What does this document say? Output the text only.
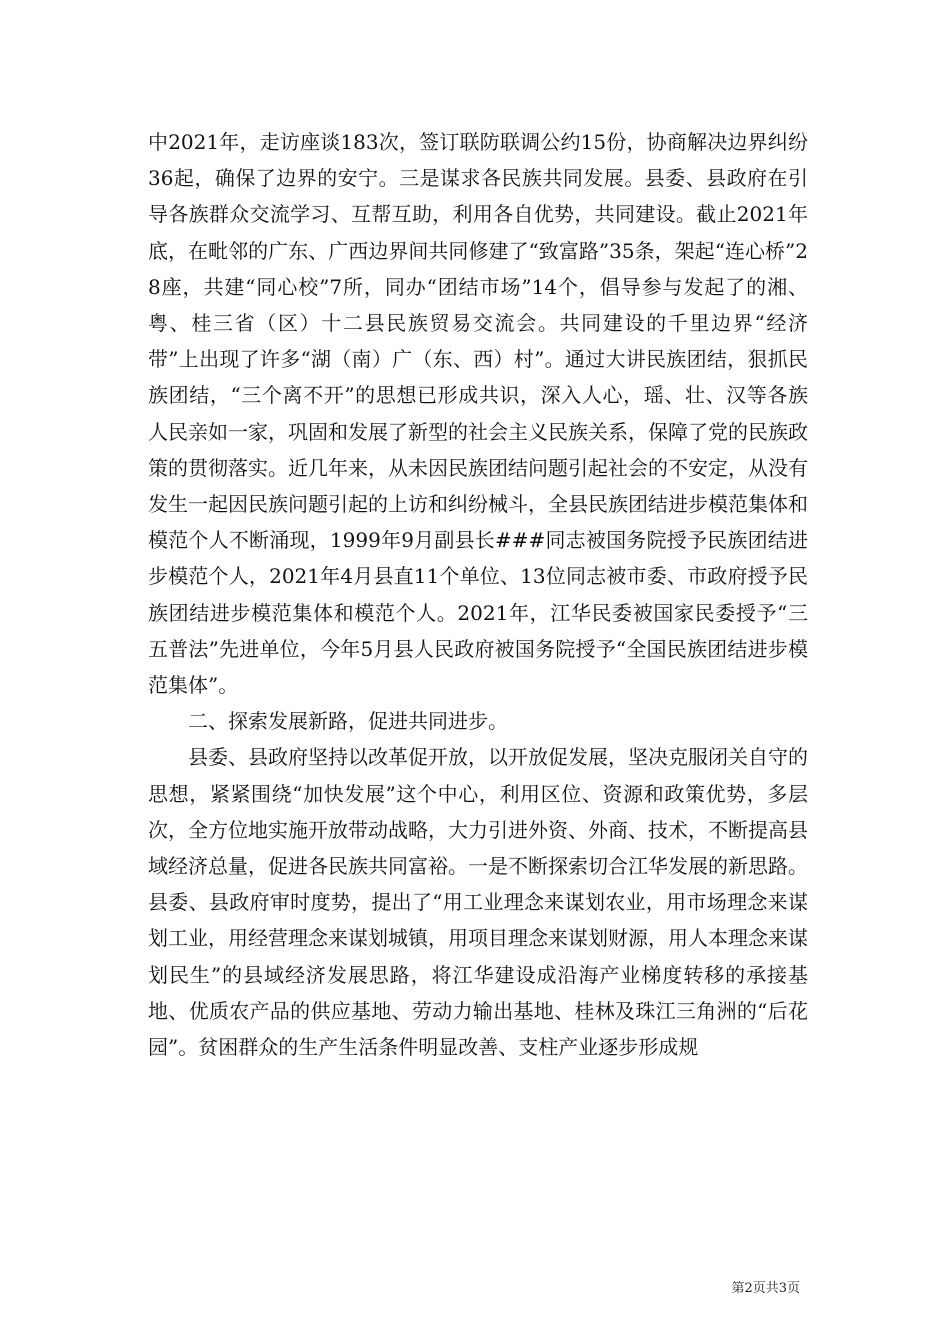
中2021年，走访座谈183次，签订联防联调公约15份，协商解决边界纠纷36起，确保了边界的安宁。三是谋求各民族共同发展。县委、县政府在引导各族群众交流学习、互帮互助，利用各自优势，共同建设。截止2021年底，在毗邻的广东、广西边界间共同修建了“致富路”35条，架起“连心桥”28座，共建“同心校”7所，同办“团结市场”14个，倡导参与发起了的湘、粤、桂三省（区）十二县民族贸易交流会。共同建设的千里边界“经济带”上出现了许多“湖（南）广（东、西）村”。通过大讲民族团结，狠抓民族团结，“三个离不开”的思想已形成共识，深入人心，瑶、壮、汉等各族人民亲如一家，巩固和发展了新型的社会主义民族关系，保障了党的民族政策的贯彻落实。近几年来，从未因民族团结问题引起社会的不安定，从没有发生一起因民族问题引起的上访和纠纷械斗，全县民族团结进步模范集体和模范个人不断涌现，1999年9月副县长###同志被国务院授予民族团结进步模范个人，2021年4月县直11个单位、13位同志被市委、市政府授予民族团结进步模范集体和模范个人。2021年，江华民委被国家民委授予“三五普法”先进单位，今年5月县人民政府被国务院授予“全国民族团结进步模范集体”。

二、探索发展新路，促进共同进步。

县委、县政府坚持以改革促开放，以开放促发展，坚决克服闭关自守的思想，紧紧围绕“加快发展”这个中心，利用区位、资源和政策优势，多层次，全方位地实施开放带动战略，大力引进外资、外商、技术，不断提高县域经济总量，促进各民族共同富裕。一是不断探索切合江华发展的新思路。县委、县政府审时度势，提出了“用工业理念来谋划农业，用市场理念来谋划工业，用经营理念来谋划城镇，用项目理念来谋划财源，用人本理念来谋划民生”的县域经济发展思路，将江华建设成沿海产业梯度转移的承接基地、优质农产品的供应基地、劳动力输出基地、桂林及珠江三角洲的“后花园”。贫困群众的生产生活条件明显改善、支柱产业逐步形成规

第2页共3页
